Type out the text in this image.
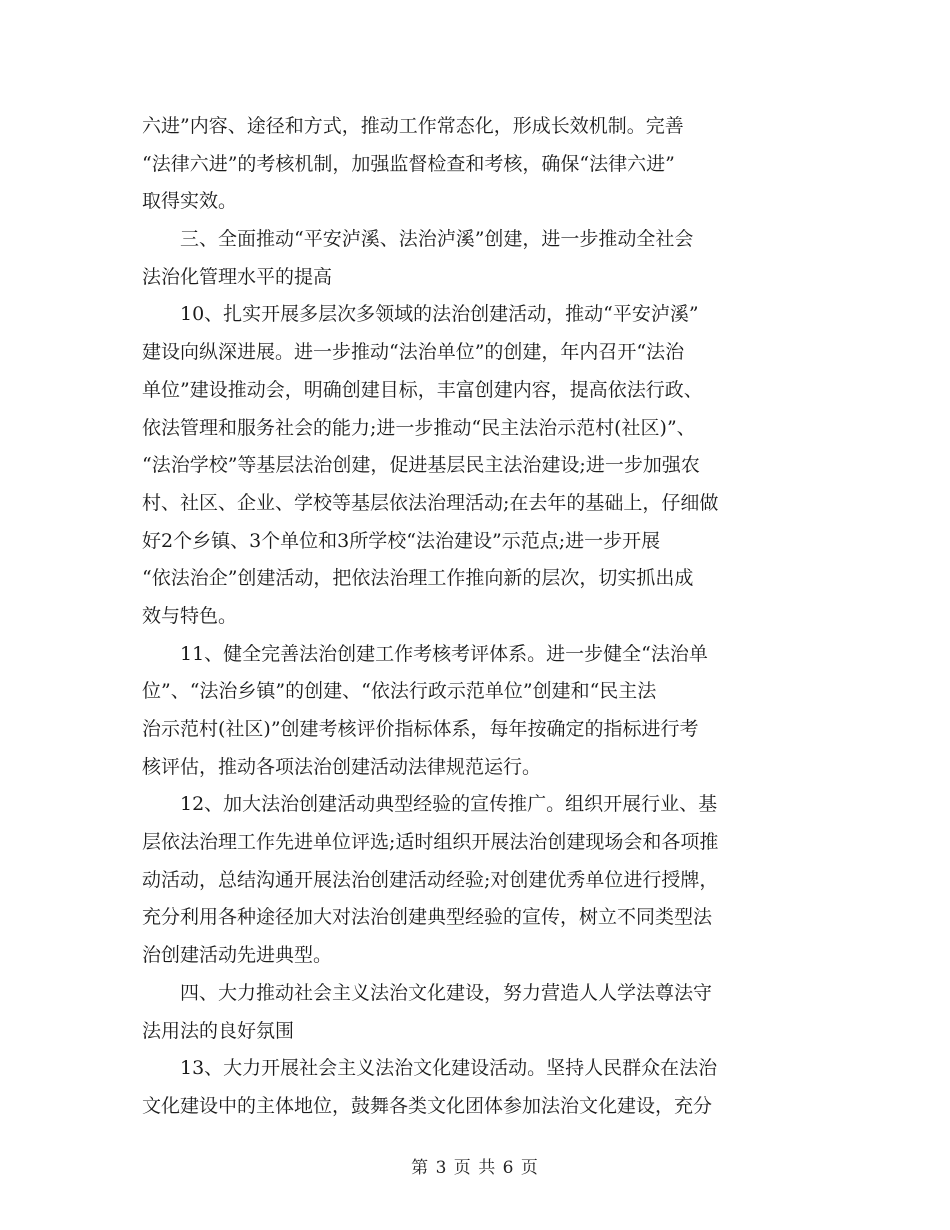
六进”内容、途径和方式，推动工作常态化，形成长效机制。完善
“法律六进”的考核机制，加强监督检查和考核，确保“法律六进”
取得实效。
三、全面推动“平安泸溪、法治泸溪”创建，进一步推动全社会
法治化管理水平的提高
10、扎实开展多层次多领域的法治创建活动，推动“平安泸溪”
建设向纵深进展。进一步推动“法治单位”的创建，年内召开“法治
单位”建设推动会，明确创建目标，丰富创建内容，提高依法行政、
依法管理和服务社会的能力;进一步推动“民主法治示范村(社区)”、
“法治学校”等基层法治创建，促进基层民主法治建设;进一步加强农
村、社区、企业、学校等基层依法治理活动;在去年的基础上，仔细做
好2个乡镇、3个单位和3所学校“法治建设”示范点;进一步开展
“依法治企”创建活动，把依法治理工作推向新的层次，切实抓出成
效与特色。
11、健全完善法治创建工作考核考评体系。进一步健全“法治单
位”、“法治乡镇”的创建、“依法行政示范单位”创建和“民主法
治示范村(社区)”创建考核评价指标体系，每年按确定的指标进行考
核评估，推动各项法治创建活动法律规范运行。
12、加大法治创建活动典型经验的宣传推广。组织开展行业、基
层依法治理工作先进单位评选;适时组织开展法治创建现场会和各项推
动活动，总结沟通开展法治创建活动经验;对创建优秀单位进行授牌，
充分利用各种途径加大对法治创建典型经验的宣传，树立不同类型法
治创建活动先进典型。
四、大力推动社会主义法治文化建设，努力营造人人学法尊法守
法用法的良好氛围
13、大力开展社会主义法治文化建设活动。坚持人民群众在法治
文化建设中的主体地位，鼓舞各类文化团体参加法治文化建设，充分
第 3 页 共 6 页
